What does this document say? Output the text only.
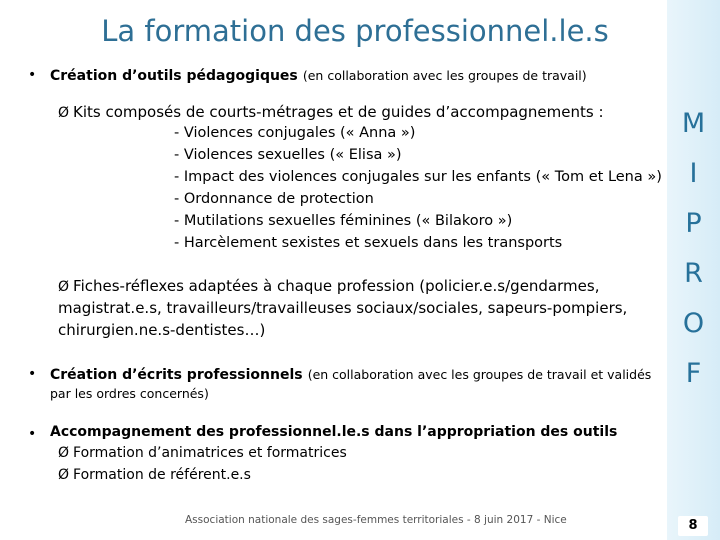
La formation des professionnel.le.s
• Création d’outils pédagogiques (en collaboration avec les groupes de travail)
Ø Kits composés de courts-métrages et de guides d’accompagnements :
- Violences conjugales (« Anna »)
- Violences sexuelles (« Elisa »)
- Impact des violences conjugales sur les enfants (« Tom et Lena »)
- Ordonnance de protection
- Mutilations sexuelles féminines (« Bilakoro »)
- Harcèlement sexistes et sexuels dans les transports
Ø Fiches-réflexes adaptées à chaque profession (policier.e.s/gendarmes,
magistrat.e.s, travailleurs/travailleuses sociaux/sociales, sapeurs-pompiers,
chirurgien.ne.s-dentistes…)
• Création d’écrits professionnels (en collaboration avec les groupes de travail et validés
par les ordres concernés)
• Accompagnement des professionnel.le.s dans l’appropriation des outils
Ø Formation d’animatrices et formatrices
Ø Formation de référent.e.s
M
I
P
R
O
F
Association nationale des sages-femmes territoriales - 8 juin 2017 - Nice	8
